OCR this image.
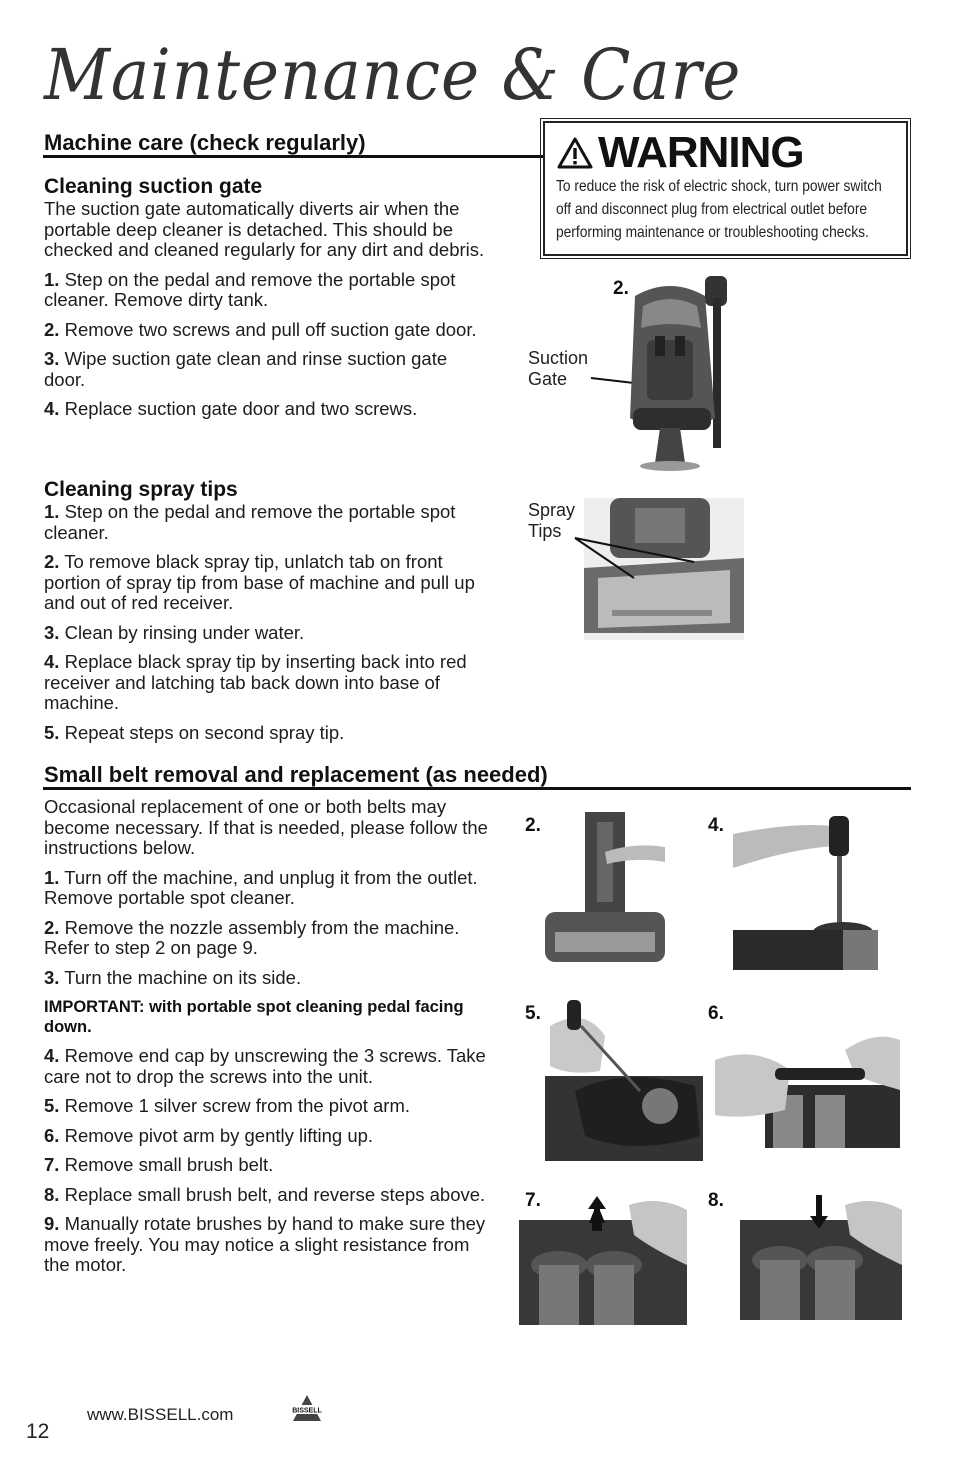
Maintenance & Care
Machine care (check regularly)
Cleaning suction gate
The suction gate automatically diverts air when the portable deep cleaner is detached. This should be checked and cleaned regularly for any dirt and debris.
1. Step on the pedal and remove the portable spot cleaner. Remove dirty tank.
2. Remove two screws and pull off suction gate door.
3. Wipe suction gate clean and rinse suction gate door.
4. Replace suction gate door and two screws.
Cleaning spray tips
1. Step on the pedal and remove the portable spot cleaner.
2. To remove black spray tip, unlatch tab on front portion of spray tip from base of machine and pull up and out of red receiver.
3. Clean by rinsing under water.
4. Replace black spray tip by inserting back into red receiver and latching tab back down into base of machine.
5. Repeat steps on second spray tip.
WARNING
To reduce the risk of electric shock, turn power switch off and disconnect plug from electrical outlet before performing maintenance or troubleshooting checks.
2.
Suction Gate
Spray Tips
Small belt removal and replacement (as needed)
Occasional replacement of one or both belts may become necessary. If that is needed, please follow the instructions below.
1. Turn off the machine, and unplug it from the outlet. Remove portable spot cleaner.
2. Remove the nozzle assembly from the machine. Refer to step 2 on page 9.
3. Turn the machine on its side.
IMPORTANT: with portable spot cleaning pedal facing down.
4. Remove end cap by unscrewing the 3 screws. Take care not to drop the screws into the unit.
5. Remove 1 silver screw from the pivot arm.
6. Remove pivot arm by gently lifting up.
7. Remove small brush belt.
8. Replace small brush belt, and reverse steps above.
9. Manually rotate brushes by hand to make sure they move freely. You may notice a slight resistance from the motor.
2.	4.
5.	6.
7.	8.
12
www.BISSELL.com	BISSELL
